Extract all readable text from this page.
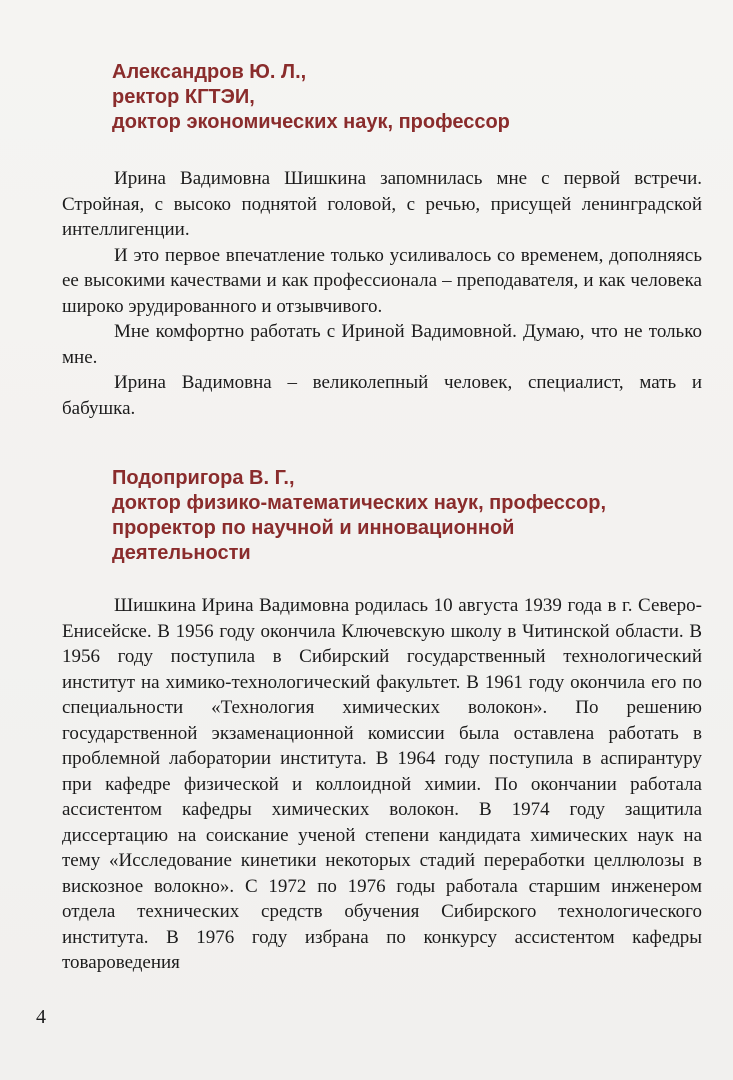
Александров Ю. Л.,
ректор КГТЭИ,
доктор экономических наук, профессор

Ирина Вадимовна Шишкина запомнилась мне с первой встречи. Стройная, с высоко поднятой головой, с речью, присущей ленинградской интеллигенции.

И это первое впечатление только усиливалось со временем, дополняясь ее высокими качествами и как профессионала – преподавателя, и как человека широко эрудированного и отзывчивого.

Мне комфортно работать с Ириной Вадимовной. Думаю, что не только мне.

Ирина Вадимовна – великолепный человек, специалист, мать и бабушка.

Подопригора В. Г.,
доктор физико-математических наук, профессор,
проректор по научной и инновационной
деятельности

Шишкина Ирина Вадимовна родилась 10 августа 1939 года в г. Северо-Енисейске. В 1956 году окончила Ключевскую школу в Читинской области. В 1956 году поступила в Сибирский государственный технологический институт на химико-технологический факультет. В 1961 году окончила его по специальности «Технология химических волокон». По решению государственной экзаменационной комиссии была оставлена работать в проблемной лаборатории института. В 1964 году поступила в аспирантуру при кафедре физической и коллоидной химии. По окончании работала ассистентом кафедры химических волокон. В 1974 году защитила диссертацию на соискание ученой степени кандидата химических наук на тему «Исследование кинетики некоторых стадий переработки целлюлозы в вискозное волокно». С 1972 по 1976 годы работала старшим инженером отдела технических средств обучения Сибирского технологического института. В 1976 году избрана по конкурсу ассистентом кафедры товароведения

4
